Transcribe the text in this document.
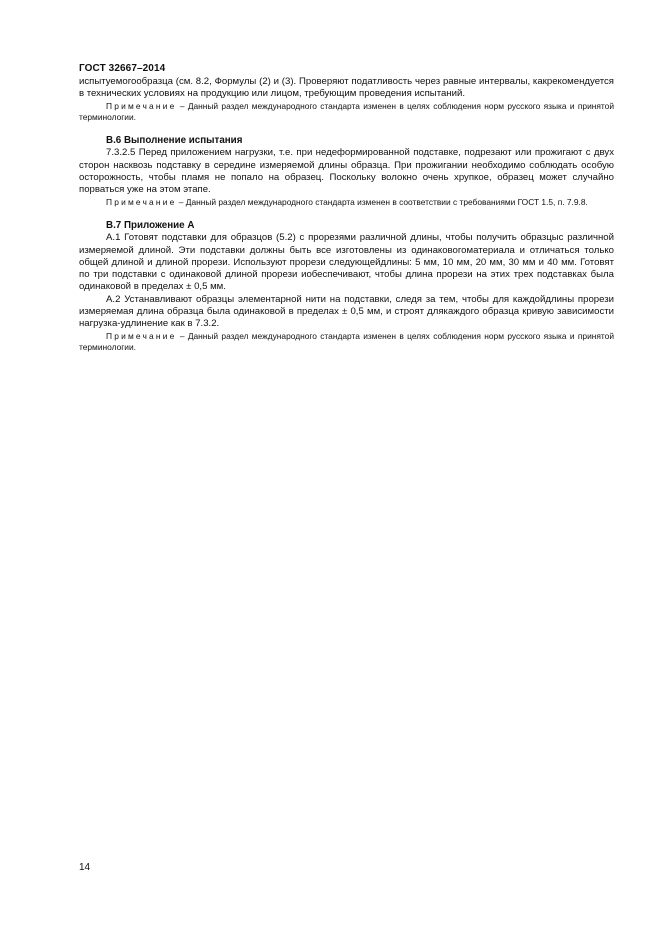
ГОСТ 32667–2014

испытуемогообразца (см. 8.2, Формулы (2) и (3). Проверяют податливость через равные интервалы, какрекомендуется в технических условиях на продукцию или лицом, требующим проведения испытаний.

Примечание – Данный раздел международного стандарта изменен в целях соблюдения норм русского языка и принятой терминологии.

В.6 Выполнение испытания

7.3.2.5 Перед приложением нагрузки, т.е. при недеформированной подставке, подрезают или прожигают с двух сторон насквозь подставку в середине измеряемой длины образца. При прожигании необходимо соблюдать особую осторожность, чтобы пламя не попало на образец. Поскольку волокно очень хрупкое, образец может случайно порваться уже на этом этапе.

Примечание – Данный раздел международного стандарта изменен в соответствии с требованиями ГОСТ 1.5, п. 7.9.8.

В.7 Приложение А

А.1 Готовят подставки для образцов (5.2) с прорезями различной длины, чтобы получить образцыс различной измеряемой длиной. Эти подставки должны быть все изготовлены из одинаковогоматериала и отличаться только общей длиной и длиной прорези. Используют прорези следующейдлины: 5 мм, 10 мм, 20 мм, 30 мм и 40 мм. Готовят по три подставки с одинаковой длиной прорези иобеспечивают, чтобы длина прорези на этих трех подставках была одинаковой в пределах ± 0,5 мм.

А.2 Устанавливают образцы элементарной нити на подставки, следя за тем, чтобы для каждойдлины прорези измеряемая длина образца была одинаковой в пределах ± 0,5 мм, и строят длякаждого образца кривую зависимости нагрузка-удлинение как в 7.3.2.

Примечание – Данный раздел международного стандарта изменен в целях соблюдения норм русского языка и принятой терминологии.

14
